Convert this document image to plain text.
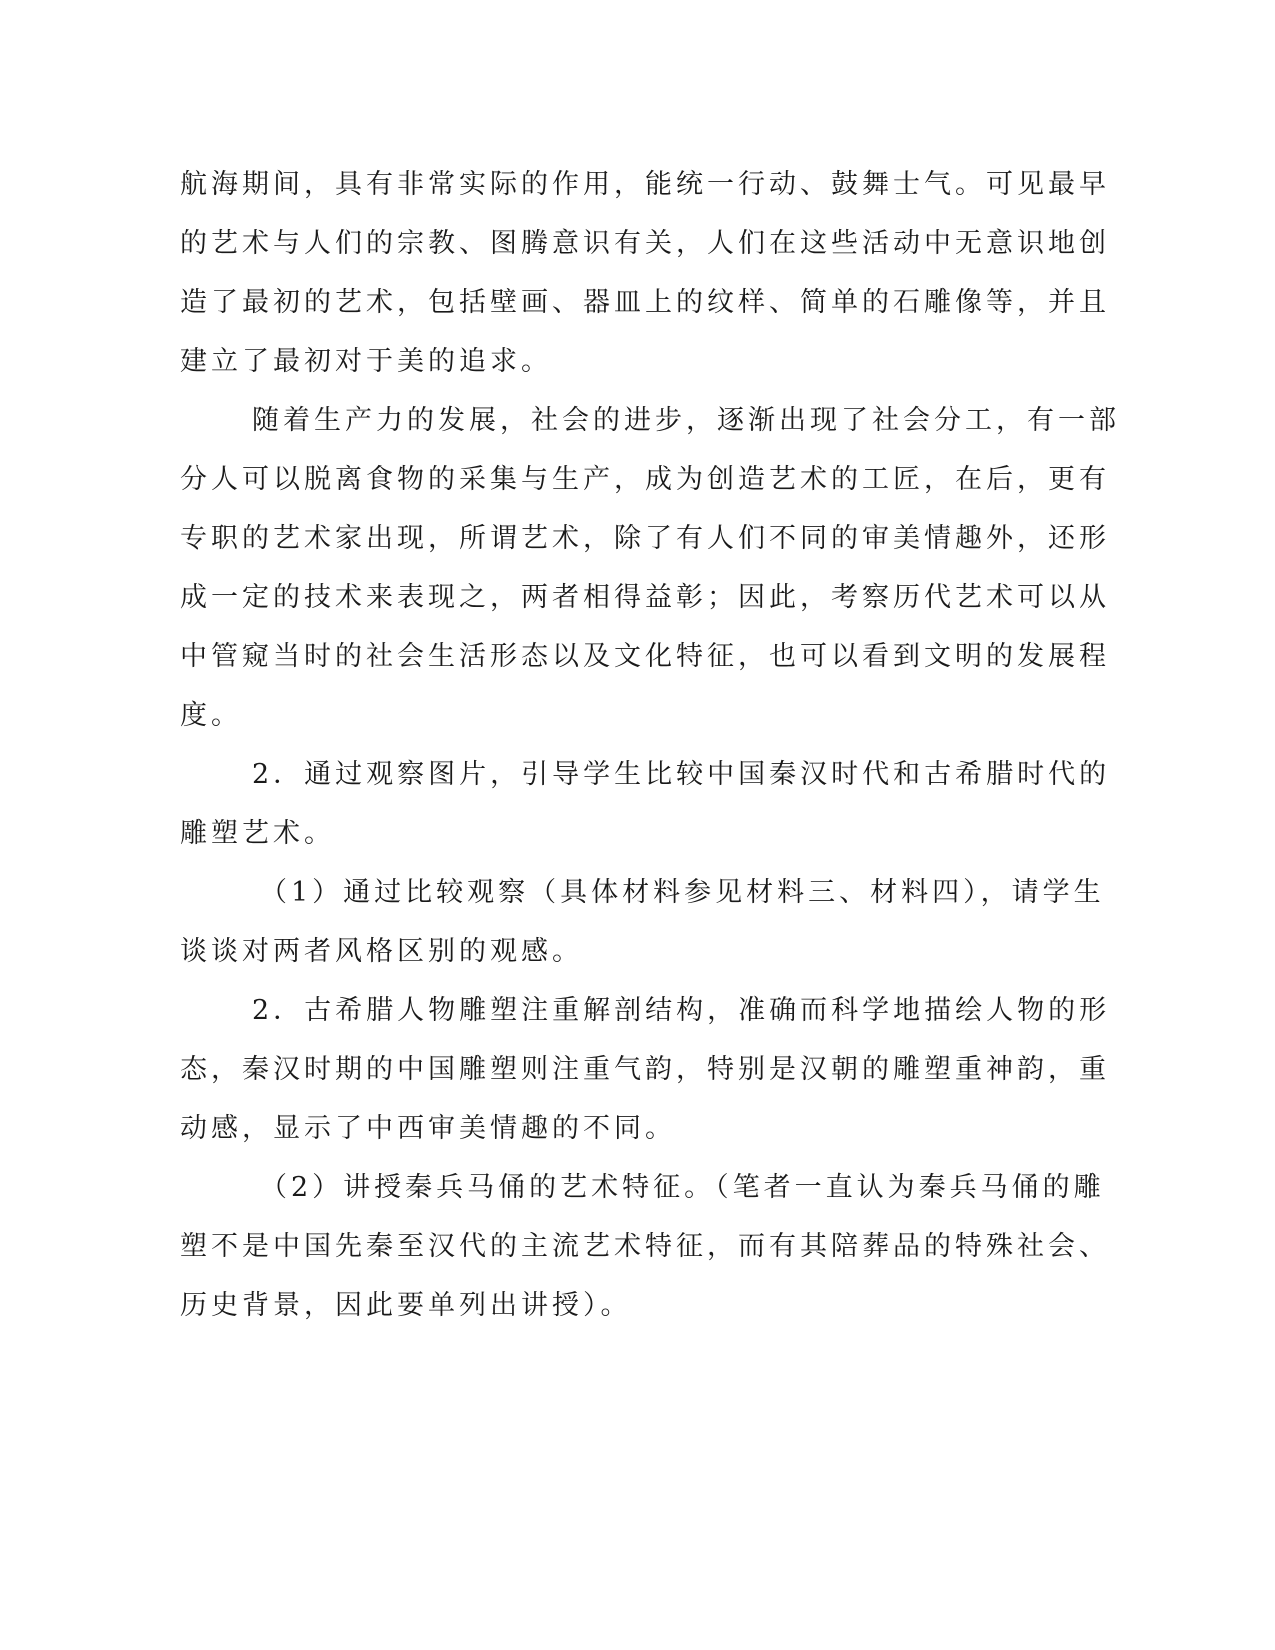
航海期间，具有非常实际的作用，能统一行动、鼓舞士气。可见最早
的艺术与人们的宗教、图腾意识有关，人们在这些活动中无意识地创
造了最初的艺术，包括壁画、器皿上的纹样、简单的石雕像等，并且
建立了最初对于美的追求。
随着生产力的发展，社会的进步，逐渐出现了社会分工，有一部
分人可以脱离食物的采集与生产，成为创造艺术的工匠，在后，更有
专职的艺术家出现，所谓艺术，除了有人们不同的审美情趣外，还形
成一定的技术来表现之，两者相得益彰；因此，考察历代艺术可以从
中管窥当时的社会生活形态以及文化特征，也可以看到文明的发展程
度。
2．通过观察图片，引导学生比较中国秦汉时代和古希腊时代的
雕塑艺术。
（1）通过比较观察（具体材料参见材料三、材料四），请学生
谈谈对两者风格区别的观感。
2．古希腊人物雕塑注重解剖结构，准确而科学地描绘人物的形
态，秦汉时期的中国雕塑则注重气韵，特别是汉朝的雕塑重神韵，重
动感，显示了中西审美情趣的不同。
（2）讲授秦兵马俑的艺术特征。（笔者一直认为秦兵马俑的雕
塑不是中国先秦至汉代的主流艺术特征，而有其陪葬品的特殊社会、
历史背景，因此要单列出讲授）。
